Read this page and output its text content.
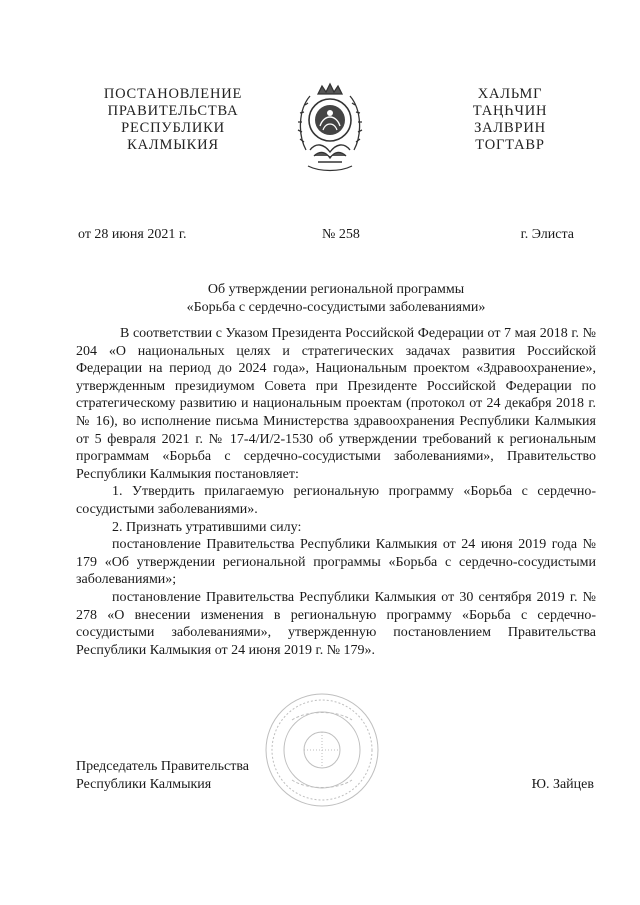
ПОСТАНОВЛЕНИЕ
ПРАВИТЕЛЬСТВА
РЕСПУБЛИКИ
КАЛМЫКИЯ
ХАЛЬМГ
ТАҢҺЧИН
ЗАЛВРИН
ТОГТАВР
от 28 июня 2021 г.	№ 258	г. Элиста
Об утверждении региональной программы
«Борьба с сердечно-сосудистыми заболеваниями»

В соответствии с Указом Президента Российской Федерации от 7 мая 2018 г. № 204 «О национальных целях и стратегических задачах развития Российской Федерации на период до 2024 года», Национальным проектом «Здравоохранение», утвержденным президиумом Совета при Президенте Российской Федерации по стратегическому развитию и национальным проектам (протокол от 24 декабря 2018 г. № 16), во исполнение письма Министерства здравоохранения Республики Калмыкия от 5 февраля 2021 г. № 17-4/И/2-1530 об утверждении требований к региональным программам «Борьба с сердечно-сосудистыми заболеваниями», Правительство Республики Калмыкия постановляет:

1. Утвердить прилагаемую региональную программу «Борьба с сердечно-сосудистыми заболеваниями».

2. Признать утратившими силу:

постановление Правительства Республики Калмыкия от 24 июня 2019 года № 179 «Об утверждении региональной программы «Борьба с сердечно-сосудистыми заболеваниями»;

постановление Правительства Республики Калмыкия от 30 сентября 2019 г. № 278 «О внесении изменения в региональную программу «Борьба с сердечно-сосудистыми заболеваниями», утвержденную постановлением Правительства Республики Калмыкия от 24 июня 2019 г. № 179».

Председатель Правительства
Республики Калмыкия	Ю. Зайцев
